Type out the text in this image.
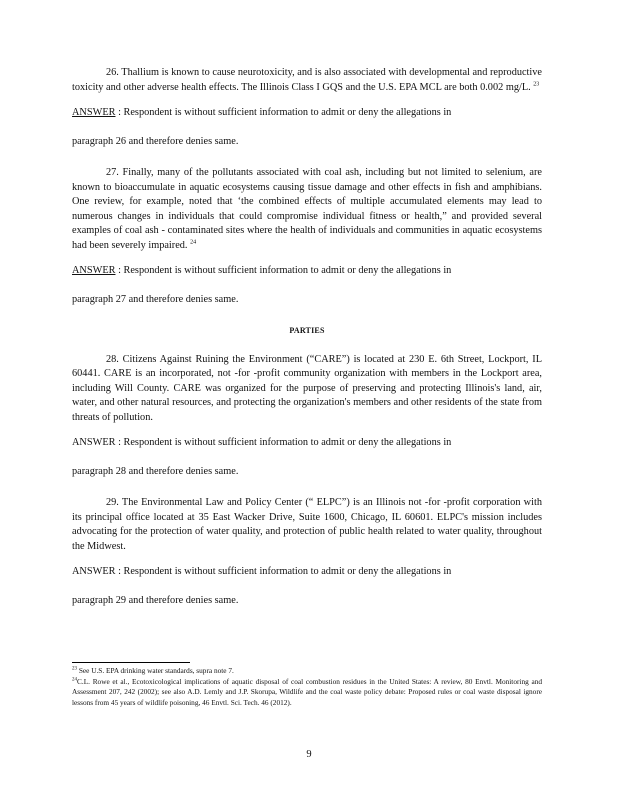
26. Thallium is known to cause neurotoxicity, and is also associated with developmental and reproductive toxicity and other adverse health effects. The Illinois Class I GQS and the U.S. EPA MCL are both 0.002 mg/L. $^{23}$

ANSWER : Respondent is without sufficient information to admit or deny the allegations in

paragraph 26 and therefore denies same.

27. Finally, many of the pollutants associated with coal ash, including but not limited to selenium, are known to bioaccumulate in aquatic ecosystems causing tissue damage and other effects in fish and amphibians. One review, for example, noted that ‘the combined effects of multiple accumulated elements may lead to numerous changes in individuals that could compromise individual fitness or health,” and provided several examples of coal ash - contaminated sites where the health of individuals and communities in aquatic ecosystems had been severely impaired. $^{24}$

ANSWER : Respondent is without sufficient information to admit or deny the allegations in

paragraph 27 and therefore denies same.

PARTIES

28. Citizens Against Ruining the Environment (“CARE”) is located at 230 E. 6th Street, Lockport, IL 60441. CARE is an incorporated, not -for -profit community organization with members in the Lockport area, including Will County. CARE was organized for the purpose of preserving and protecting Illinois's land, air, water, and other natural resources, and protecting the organization's members and other residents of the state from threats of pollution.

ANSWER : Respondent is without sufficient information to admit or deny the allegations in

paragraph 28 and therefore denies same.

29. The Environmental Law and Policy Center (“ ELPC”) is an Illinois not -for -profit corporation with its principal office located at 35 East Wacker Drive, Suite 1600, Chicago, IL 60601. ELPC's mission includes advocating for the protection of water quality, and protection of public health related to water quality, throughout the Midwest.

ANSWER : Respondent is without sufficient information to admit or deny the allegations in

paragraph 29 and therefore denies same.

$^{23}$ See U.S. EPA drinking water standards, supra note 7.

$^{24}$C.L. Rowe et al., Ecotoxicological implications of aquatic disposal of coal combustion residues in the United States: A review, 80 Envtl. Monitoring and Assessment 207, 242 (2002); see also A.D. Lemly and J.P. Skorupa, Wildlife and the coal waste policy debate: Proposed rules or coal waste disposal ignore lessons from 45 years of wildlife poisoning, 46 Envtl. Sci. Tech. 46 (2012).

9
